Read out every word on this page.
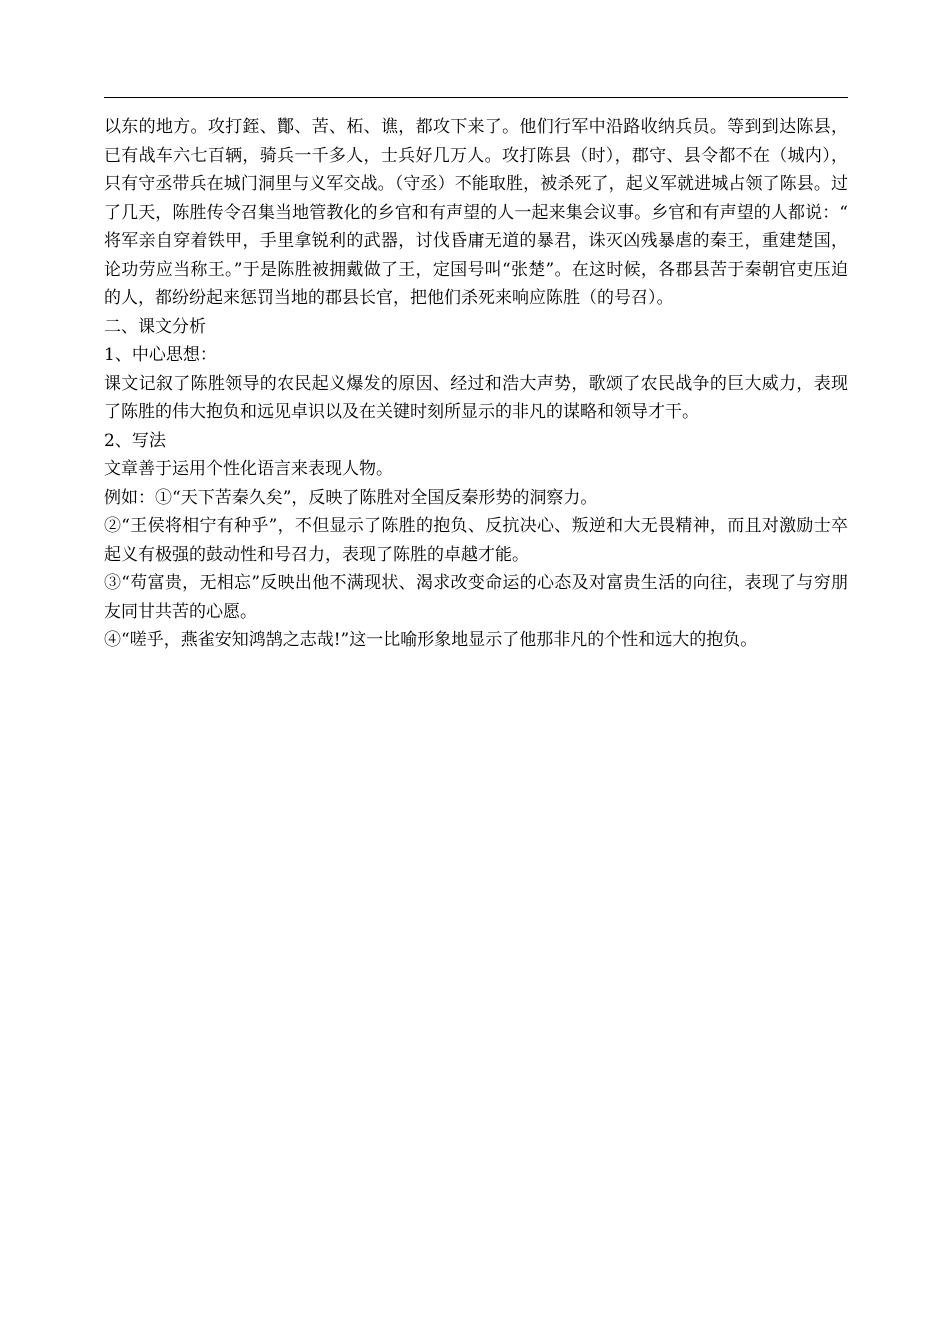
以东的地方。攻打銍、酇、苦、柘、谯，都攻下来了。他们行军中沿路收纳兵员。等到到达陈县，已有战车六七百辆，骑兵一千多人，士兵好几万人。攻打陈县（时），郡守、县令都不在（城内），只有守丞带兵在城门洞里与义军交战。（守丞）不能取胜，被杀死了，起义军就进城占领了陈县。过了几天，陈胜传令召集当地管教化的乡官和有声望的人一起来集会议事。乡官和有声望的人都说：“将军亲自穿着铁甲，手里拿锐利的武器，讨伐昏庸无道的暴君，诛灭凶残暴虐的秦王，重建楚国，论功劳应当称王。”于是陈胜被拥戴做了王，定国号叫“张楚”。在这时候，各郡县苦于秦朝官吏压迫的人，都纷纷起来惩罚当地的郡县长官，把他们杀死来响应陈胜（的号召）。

二、课文分析

1、中心思想：

课文记叙了陈胜领导的农民起义爆发的原因、经过和浩大声势，歌颂了农民战争的巨大威力，表现了陈胜的伟大抱负和远见卓识以及在关键时刻所显示的非凡的谋略和领导才干。

2、写法

文章善于运用个性化语言来表现人物。

例如：①“天下苦秦久矣”，反映了陈胜对全国反秦形势的洞察力。

②“王侯将相宁有种乎”，不但显示了陈胜的抱负、反抗决心、叛逆和大无畏精神，而且对激励士卒起义有极强的鼓动性和号召力，表现了陈胜的卓越才能。

③“苟富贵，无相忘”反映出他不满现状、渴求改变命运的心态及对富贵生活的向往，表现了与穷朋友同甘共苦的心愿。

④“嗟乎，燕雀安知鸿鹄之志哉!”这一比喻形象地显示了他那非凡的个性和远大的抱负。
